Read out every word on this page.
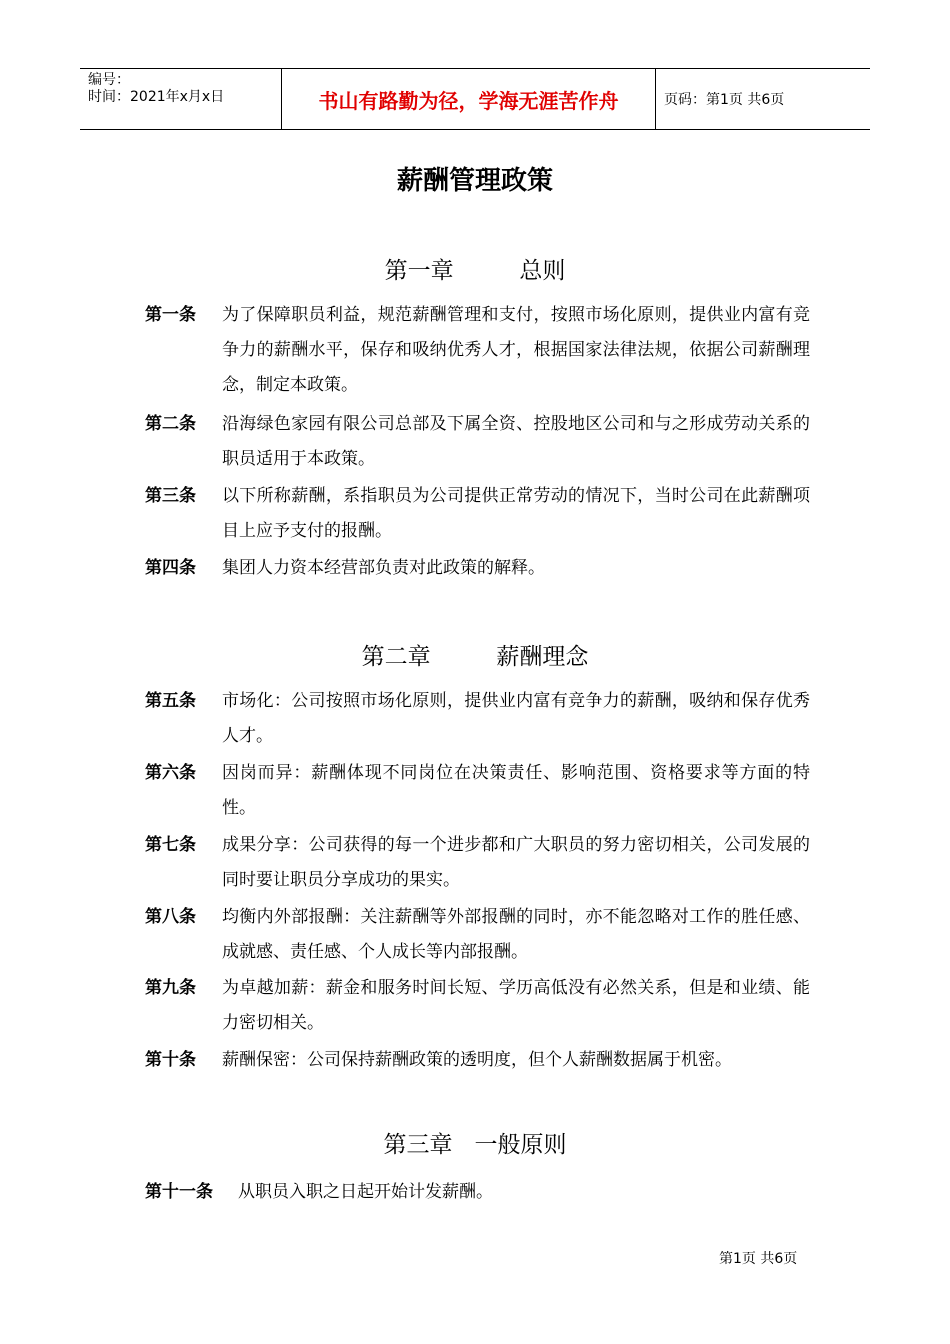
编号：
时间：2021年x月x日	书山有路勤为径，学海无涯苦作舟	页码：第1页 共6页
薪酬管理政策
第一章         总则
第一条 为了保障职员利益，规范薪酬管理和支付，按照市场化原则，提供业内富有竞争力的薪酬水平，保存和吸纳优秀人才，根据国家法律法规，依据公司薪酬理念，制定本政策。
第二条 沿海绿色家园有限公司总部及下属全资、控股地区公司和与之形成劳动关系的职员适用于本政策。
第三条 以下所称薪酬，系指职员为公司提供正常劳动的情况下，当时公司在此薪酬项目上应予支付的报酬。
第四条 集团人力资本经营部负责对此政策的解释。
第二章         薪酬理念
第五条 市场化：公司按照市场化原则，提供业内富有竞争力的薪酬，吸纳和保存优秀人才。
第六条 因岗而异：薪酬体现不同岗位在决策责任、影响范围、资格要求等方面的特性。
第七条 成果分享：公司获得的每一个进步都和广大职员的努力密切相关，公司发展的同时要让职员分享成功的果实。
第八条 均衡内外部报酬：关注薪酬等外部报酬的同时，亦不能忽略对工作的胜任感、成就感、责任感、个人成长等内部报酬。
第九条 为卓越加薪：薪金和服务时间长短、学历高低没有必然关系，但是和业绩、能力密切相关。
第十条 薪酬保密：公司保持薪酬政策的透明度，但个人薪酬数据属于机密。
第三章   一般原则
第十一条 从职员入职之日起开始计发薪酬。
第1页 共6页
